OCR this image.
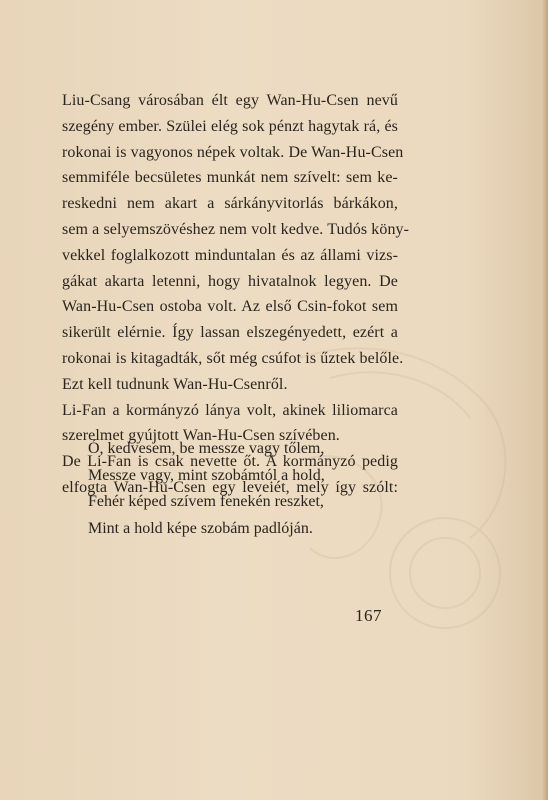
Liu-Csang városában élt egy Wan-Hu-Csen nevű
szegény ember. Szülei elég sok pénzt hagytak rá, és
rokonai is vagyonos népek voltak. De Wan-Hu-Csen
semmiféle becsületes munkát nem szívelt: sem ke-
reskedni nem akart a sárkányvitorlás bárkákon,
sem a selyemszövéshez nem volt kedve. Tudós köny-
vekkel foglalkozott minduntalan és az állami vizs-
gákat akarta letenni, hogy hivatalnok legyen. De
Wan-Hu-Csen ostoba volt. Az első Csin-fokot sem
sikerült elérnie. Így lassan elszegényedett, ezért a
rokonai is kitagadták, sőt még csúfot is űztek belőle.
Ezt kell tudnunk Wan-Hu-Csenről.
Li-Fan a kormányzó lánya volt, akinek liliomarca
szerelmet gyújtott Wan-Hu-Csen szívében.
De Li-Fan is csak nevette őt. A kormányzó pedig
elfogta Wan-Hu-Csen egy leveiét, mely így szólt:
Ó, kedvesem, be messze vagy tőlem,
Messze vagy, mint szobámtól a hold,
Fehér képed szívem fenekén reszket,
Mint a hold képe szobám padlóján.
167
